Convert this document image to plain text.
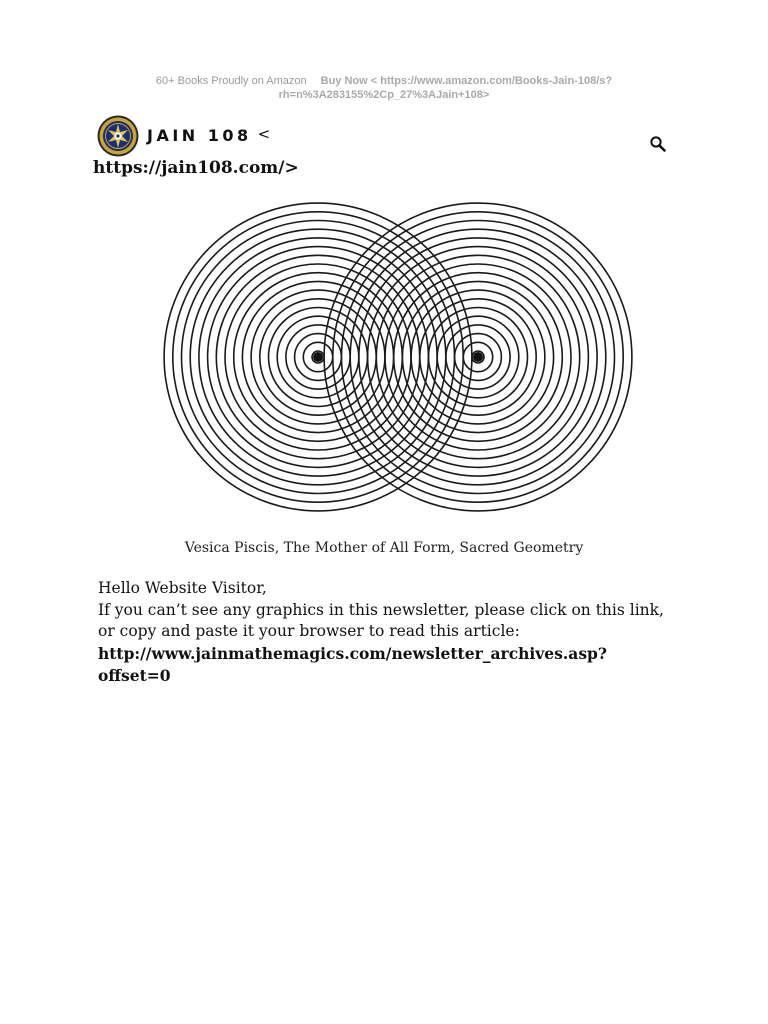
60+ Books Proudly on Amazon Buy Now < https://www.amazon.com/Books-Jain-108/s?
rh=n%3A283155%2Cp_27%3AJain+108>
JAIN 108 <
https://jain108.com/>
Vesica Piscis, The Mother of All Form, Sacred Geometry

Hello Website Visitor,

If you can’t see any graphics in this newsletter, please click on this link, or copy and paste it your browser to read this article:

http://www.jainmathemagics.com/newsletter_archives.asp?offset=0
